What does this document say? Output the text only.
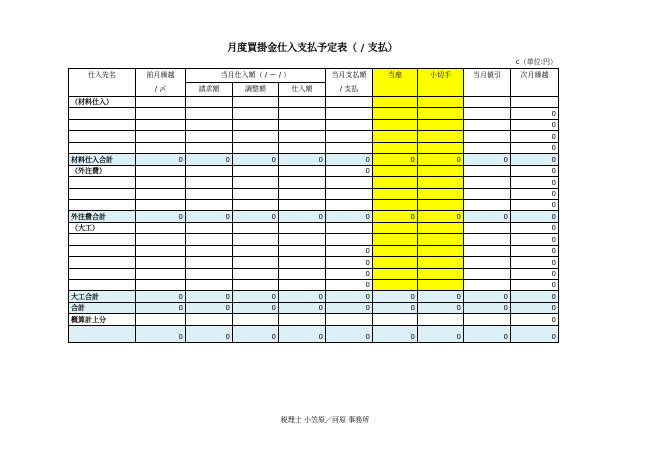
月度買掛金仕入支払予定表（ / 支払）
c（単位:円）
仕入先名	前月繰越	当月仕入額（ / ー / ）			当月支払額	当座	小切手	当月値引	次月繰越
	/ 〆	請求額	調整額	仕入額	/ 支払				
（材料仕入）									
									0
									0
									0
									0
材料仕入合計	0	0	0	0	0	0	0	0	0
（外注費）					0				0
									0
									0
									0
外注費合計	0	0	0	0	0	0	0	0	0
（大工）									0
									0
					0				0
					0				0
					0				0
					0				0
大工合計	0	0	0	0	0	0	0	0	0
合計	0	0	0	0	0	0	0	0	0
概算計上分									0
	0	0	0	0	0	0	0	0	0
税理士 小笠原／河原 事務所
